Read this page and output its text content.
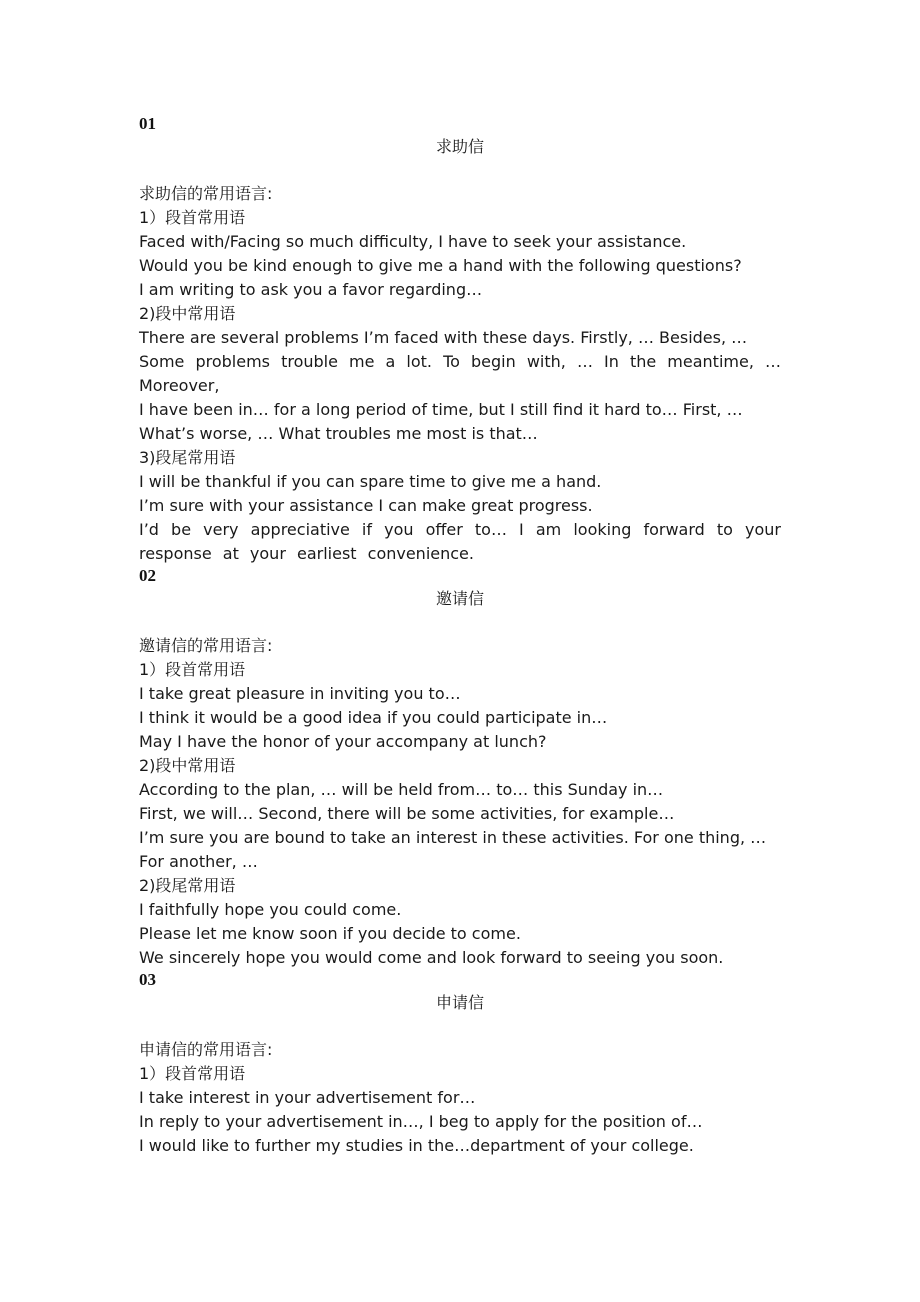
01
求助信
求助信的常用语言:
1）段首常用语
Faced with/Facing so much difficulty, I have to seek your assistance.
Would you be kind enough to give me a hand with the following questions?
I am writing to ask you a favor regarding…
2)段中常用语
There are several problems I’m faced with these days. Firstly, … Besides, …
Some problems trouble me a lot. To begin with, … In the meantime, … Moreover,
I have been in… for a long period of time, but I still find it hard to… First, …
What’s worse, … What troubles me most is that…
3)段尾常用语
I will be thankful if you can spare time to give me a hand.
I’m sure with your assistance I can make great progress.
I’d be very appreciative if you offer to… I am looking forward to your response at your earliest convenience.
02
邀请信
邀请信的常用语言:
1）段首常用语
I take great pleasure in inviting you to…
I think it would be a good idea if you could participate in…
May I have the honor of your accompany at lunch?
2)段中常用语
According to the plan, … will be held from… to… this Sunday in…
First, we will… Second, there will be some activities, for example…
I’m sure you are bound to take an interest in these activities. For one thing, …
For another, …
2)段尾常用语
I faithfully hope you could come.
Please let me know soon if you decide to come.
We sincerely hope you would come and look forward to seeing you soon.
03
申请信
申请信的常用语言:
1）段首常用语
I take interest in your advertisement for…
In reply to your advertisement in…, I beg to apply for the position of…
I would like to further my studies in the…department of your college.
